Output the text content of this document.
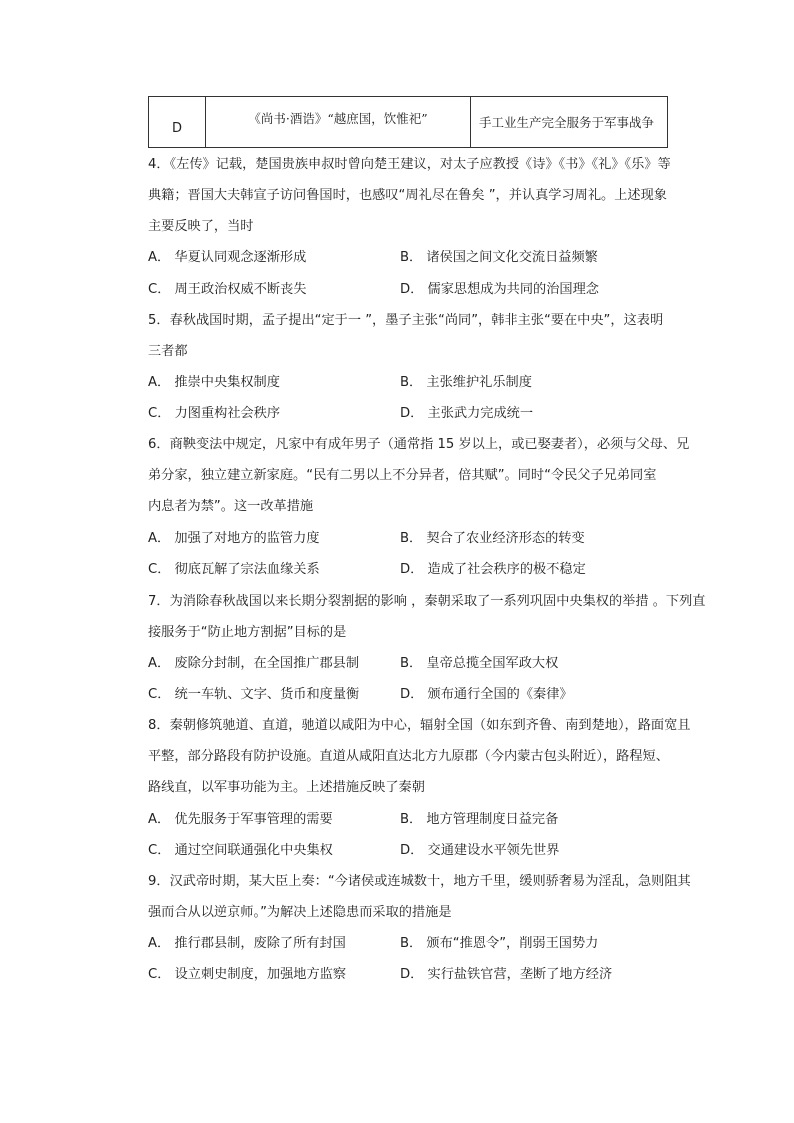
D	《尚书·酒诰》“越庶国，饮惟祀”	手工业生产完全服务于军事战争
4．《左传》记载，楚国贵族申叔时曾向楚王建议，对太子应教授《诗》《书》《礼》《乐》等
典籍；晋国大夫韩宣子访问鲁国时，也感叹“周礼尽在鲁矣 ”，并认真学习周礼。上述现象
主要反映了，当时
A． 华夏认同观念逐渐形成	B． 诸侯国之间文化交流日益频繁
C． 周王政治权威不断丧失	D． 儒家思想成为共同的治国理念
5．春秋战国时期，孟子提出“定于一 ”，墨子主张“尚同”，韩非主张“要在中央”，这表明
三者都
A． 推崇中央集权制度	B． 主张维护礼乐制度
C． 力图重构社会秩序	D． 主张武力完成统一
6．商鞅变法中规定，凡家中有成年男子（通常指 15 岁以上，或已娶妻者），必须与父母、兄
弟分家，独立建立新家庭。“民有二男以上不分异者，倍其赋”。同时“令民父子兄弟同室
内息者为禁”。这一改革措施
A． 加强了对地方的监管力度	B． 契合了农业经济形态的转变
C． 彻底瓦解了宗法血缘关系	D． 造成了社会秩序的极不稳定
7．为消除春秋战国以来长期分裂割据的影响 ，秦朝采取了一系列巩固中央集权的举措 。下列直
接服务于“防止地方割据”目标的是
A． 废除分封制，在全国推广郡县制	B． 皇帝总揽全国军政大权
C． 统一车轨、文字、货币和度量衡	D． 颁布通行全国的《秦律》
8．秦朝修筑驰道、直道，驰道以咸阳为中心，辐射全国（如东到齐鲁、南到楚地），路面宽且
平整，部分路段有防护设施。直道从咸阳直达北方九原郡（今内蒙古包头附近），路程短、
路线直，以军事功能为主。上述措施反映了秦朝
A． 优先服务于军事管理的需要	B． 地方管理制度日益完备
C． 通过空间联通强化中央集权	D． 交通建设水平领先世界
9．汉武帝时期，某大臣上奏：“今诸侯或连城数十，地方千里，缓则骄奢易为淫乱，急则阻其
强而合从以逆京师。”为解决上述隐患而采取的措施是
A． 推行郡县制，废除了所有封国	B． 颁布“推恩令”，削弱王国势力
C． 设立刺史制度，加强地方监察	D． 实行盐铁官营，垄断了地方经济
